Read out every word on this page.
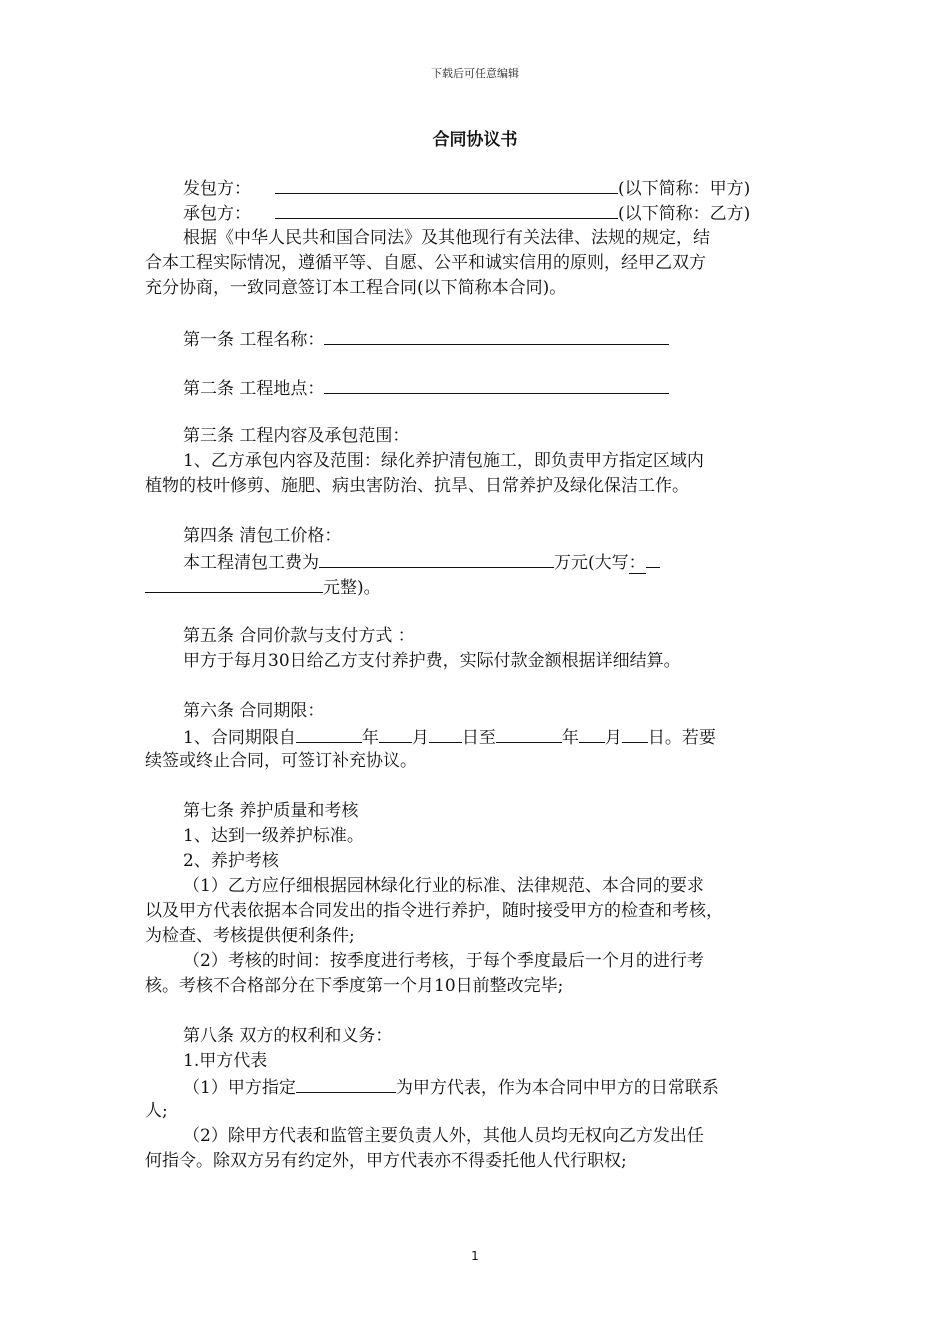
下载后可任意编辑
合同协议书
发包方：	(以下简称：甲方)
承包方：	(以下简称：乙方)
根据《中华人民共和国合同法》及其他现行有关法律、法规的规定，结
合本工程实际情况，遵循平等、自愿、公平和诚实信用的原则，经甲乙双方
充分协商，一致同意签订本工程合同(以下简称本合同)。
第一条 工程名称：
第二条 工程地点：
第三条 工程内容及承包范围：
1、乙方承包内容及范围：绿化养护清包施工，即负责甲方指定区域内
植物的枝叶修剪、施肥、病虫害防治、抗旱、日常养护及绿化保洁工作。
第四条 清包工价格：
本工程清包工费为	万元(大写：
元整)。
第五条 合同价款与支付方式 ：
甲方于每月30日给乙方支付养护费，实际付款金额根据详细结算。
第六条 合同期限：
1、合同期限自	年 月 日至	年 月 日。若要
续签或终止合同，可签订补充协议。
第七条 养护质量和考核
1、达到一级养护标准。
2、养护考核
（1）乙方应仔细根据园林绿化行业的标准、法律规范、本合同的要求
以及甲方代表依据本合同发出的指令进行养护，随时接受甲方的检查和考核，
为检查、考核提供便利条件;
（2）考核的时间：按季度进行考核，于每个季度最后一个月的进行考
核。考核不合格部分在下季度第一个月10日前整改完毕;
第八条 双方的权利和义务：
1.甲方代表
（1）甲方指定	为甲方代表，作为本合同中甲方的日常联系
人;
（2）除甲方代表和监管主要负责人外，其他人员均无权向乙方发出任
何指令。除双方另有约定外，甲方代表亦不得委托他人代行职权;
1
